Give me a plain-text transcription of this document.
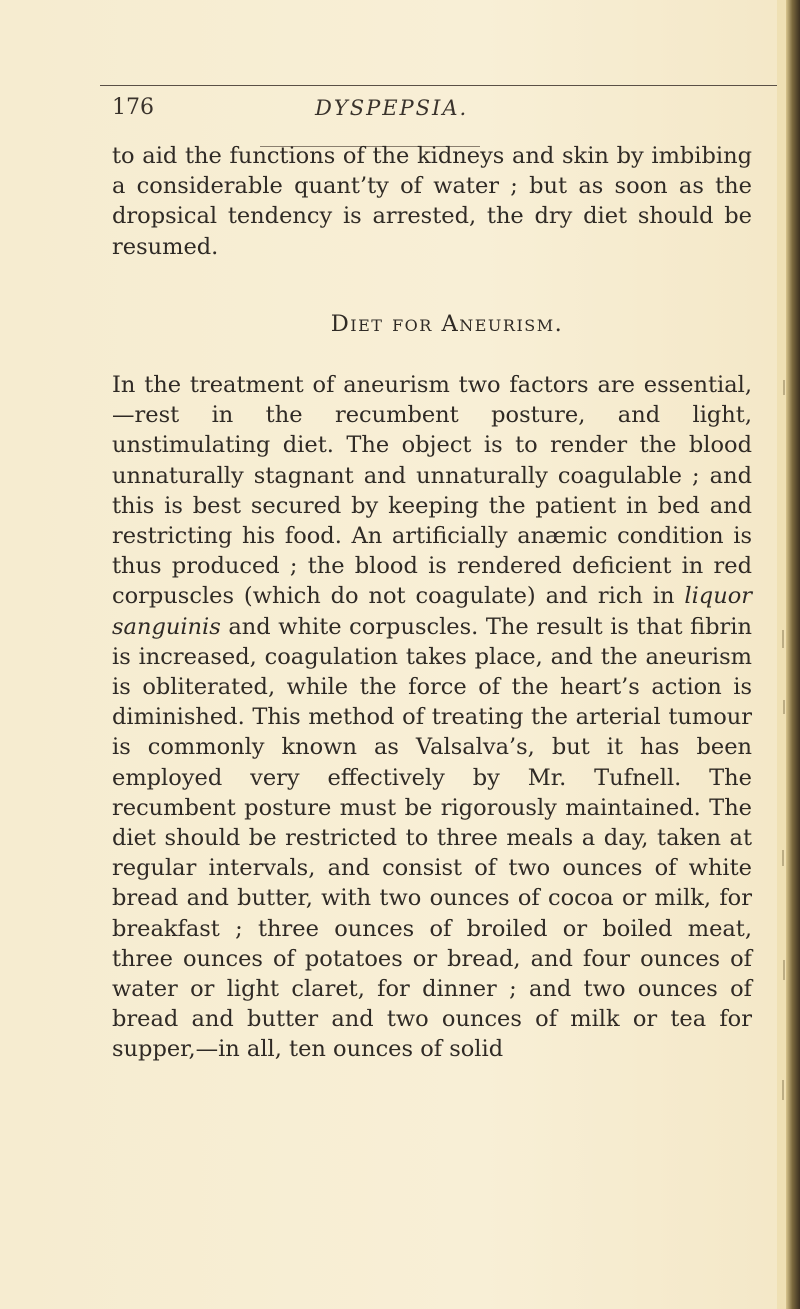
176	DYSPEPSIA.

to aid the functions of the kidneys and skin by imbibing a considerable quant’ty of water ; but as soon as the dropsical tendency is arrested, the dry diet should be resumed.

Diet for Aneurism.

In the treatment of aneurism two factors are essential,—rest in the recumbent posture, and light, unstimulating diet. The object is to render the blood unnaturally stagnant and unnaturally coagulable ; and this is best secured by keeping the patient in bed and restricting his food. An artificially anæmic condition is thus produced ; the blood is rendered deficient in red corpuscles (which do not coagulate) and rich in liquor sanguinis and white corpuscles. The result is that fibrin is increased, coagulation takes place, and the aneurism is obliterated, while the force of the heart’s action is diminished. This method of treating the arterial tumour is commonly known as Valsalva’s, but it has been employed very effectively by Mr. Tufnell. The recumbent posture must be rigorously maintained. The diet should be restricted to three meals a day, taken at regular intervals, and consist of two ounces of white bread and butter, with two ounces of cocoa or milk, for breakfast ; three ounces of broiled or boiled meat, three ounces of potatoes or bread, and four ounces of water or light claret, for dinner ; and two ounces of bread and butter and two ounces of milk or tea for supper,—in all, ten ounces of solid
